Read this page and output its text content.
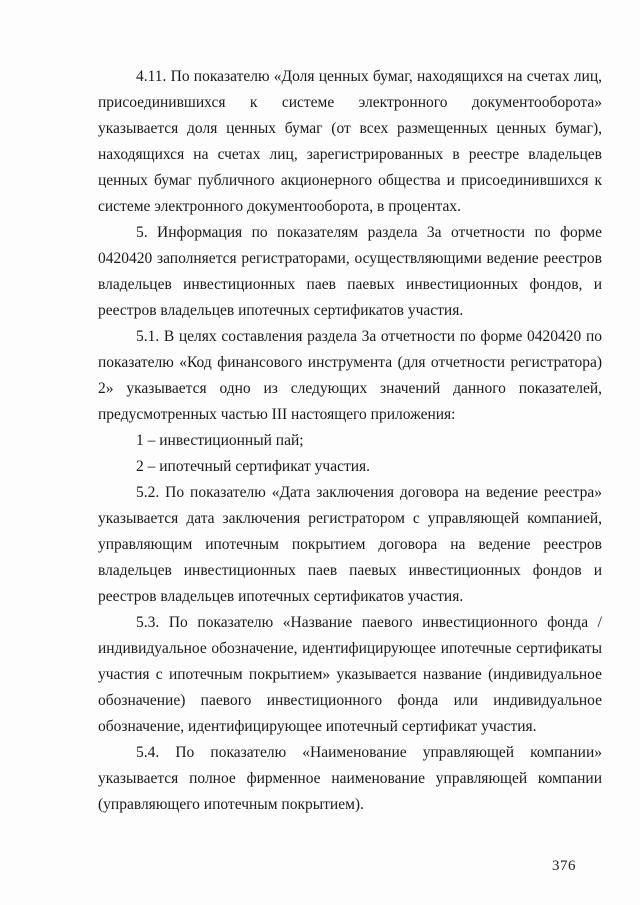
4.11. По показателю «Доля ценных бумаг, находящихся на счетах лиц, присоединившихся к системе электронного документооборота» указывается доля ценных бумаг (от всех размещенных ценных бумаг), находящихся на счетах лиц, зарегистрированных в реестре владельцев ценных бумаг публичного акционерного общества и присоединившихся к системе электронного документооборота, в процентах.

5. Информация по показателям раздела 3а отчетности по форме 0420420 заполняется регистраторами, осуществляющими ведение реестров владельцев инвестиционных паев паевых инвестиционных фондов, и реестров владельцев ипотечных сертификатов участия.

5.1. В целях составления раздела 3а отчетности по форме 0420420 по показателю «Код финансового инструмента (для отчетности регистратора) 2» указывается одно из следующих значений данного показателей, предусмотренных частью III настоящего приложения:

1 – инвестиционный пай;

2 – ипотечный сертификат участия.

5.2. По показателю «Дата заключения договора на ведение реестра» указывается дата заключения регистратором с управляющей компанией, управляющим ипотечным покрытием договора на ведение реестров владельцев инвестиционных паев паевых инвестиционных фондов и реестров владельцев ипотечных сертификатов участия.

5.3. По показателю «Название паевого инвестиционного фонда / индивидуальное обозначение, идентифицирующее ипотечные сертификаты участия с ипотечным покрытием» указывается название (индивидуальное обозначение) паевого инвестиционного фонда или индивидуальное обозначение, идентифицирующее ипотечный сертификат участия.

5.4. По показателю «Наименование управляющей компании» указывается полное фирменное наименование управляющей компании (управляющего ипотечным покрытием).

376
